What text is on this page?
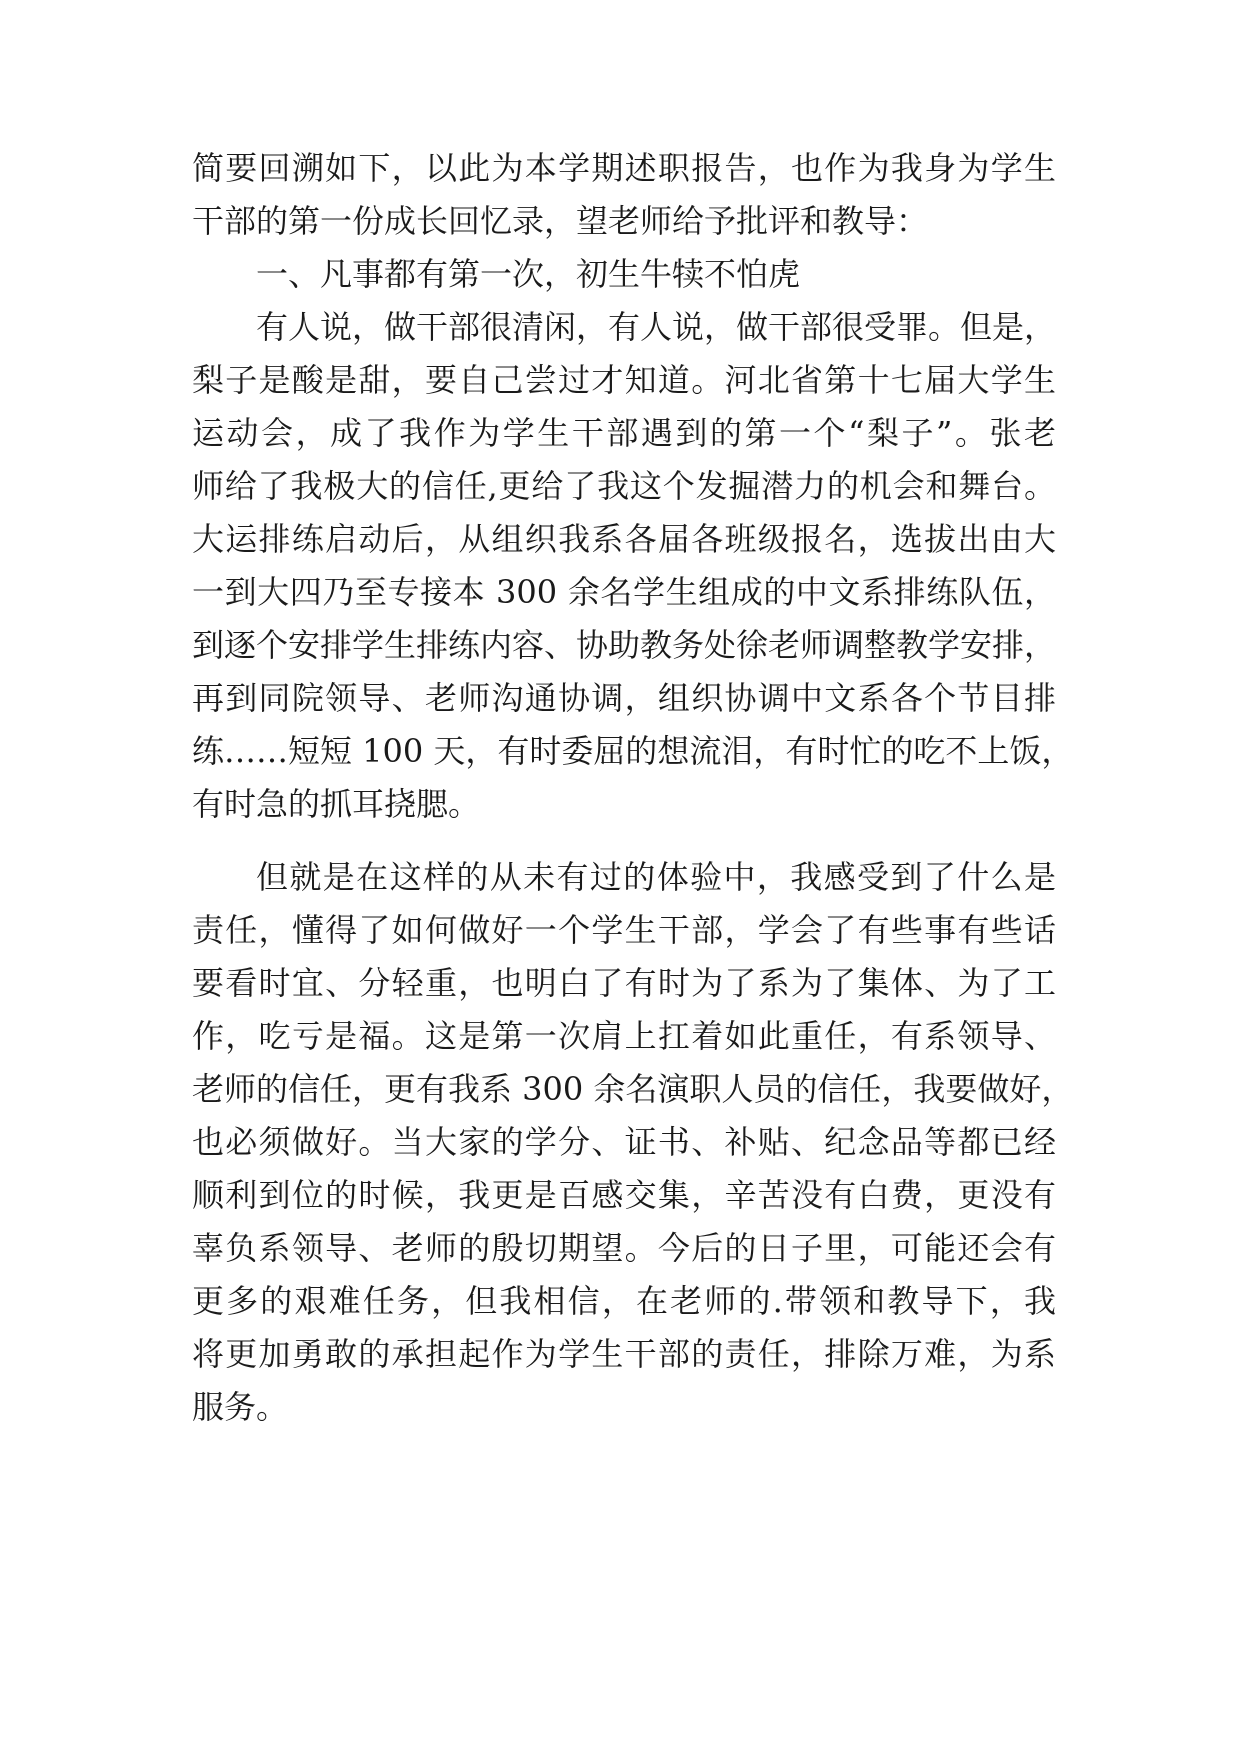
简要回溯如下，以此为本学期述职报告，也作为我身为学生
干部的第一份成长回忆录，望老师给予批评和教导：
一、凡事都有第一次，初生牛犊不怕虎
有人说，做干部很清闲，有人说，做干部很受罪。但是，
梨子是酸是甜，要自己尝过才知道。河北省第十七届大学生
运动会，成了我作为学生干部遇到的第一个“梨子”。张老
师给了我极大的信任,更给了我这个发掘潜力的机会和舞台。
大运排练启动后，从组织我系各届各班级报名，选拔出由大
一到大四乃至专接本 300 余名学生组成的中文系排练队伍，
到逐个安排学生排练内容、协助教务处徐老师调整教学安排，
再到同院领导、老师沟通协调，组织协调中文系各个节目排
练……短短 100 天，有时委屈的想流泪，有时忙的吃不上饭，
有时急的抓耳挠腮。
但就是在这样的从未有过的体验中，我感受到了什么是
责任，懂得了如何做好一个学生干部，学会了有些事有些话
要看时宜、分轻重，也明白了有时为了系为了集体、为了工
作，吃亏是福。这是第一次肩上扛着如此重任，有系领导、
老师的信任，更有我系 300 余名演职人员的信任，我要做好，
也必须做好。当大家的学分、证书、补贴、纪念品等都已经
顺利到位的时候，我更是百感交集，辛苦没有白费，更没有
辜负系领导、老师的殷切期望。今后的日子里，可能还会有
更多的艰难任务，但我相信，在老师的.带领和教导下，我
将更加勇敢的承担起作为学生干部的责任，排除万难，为系
服务。
